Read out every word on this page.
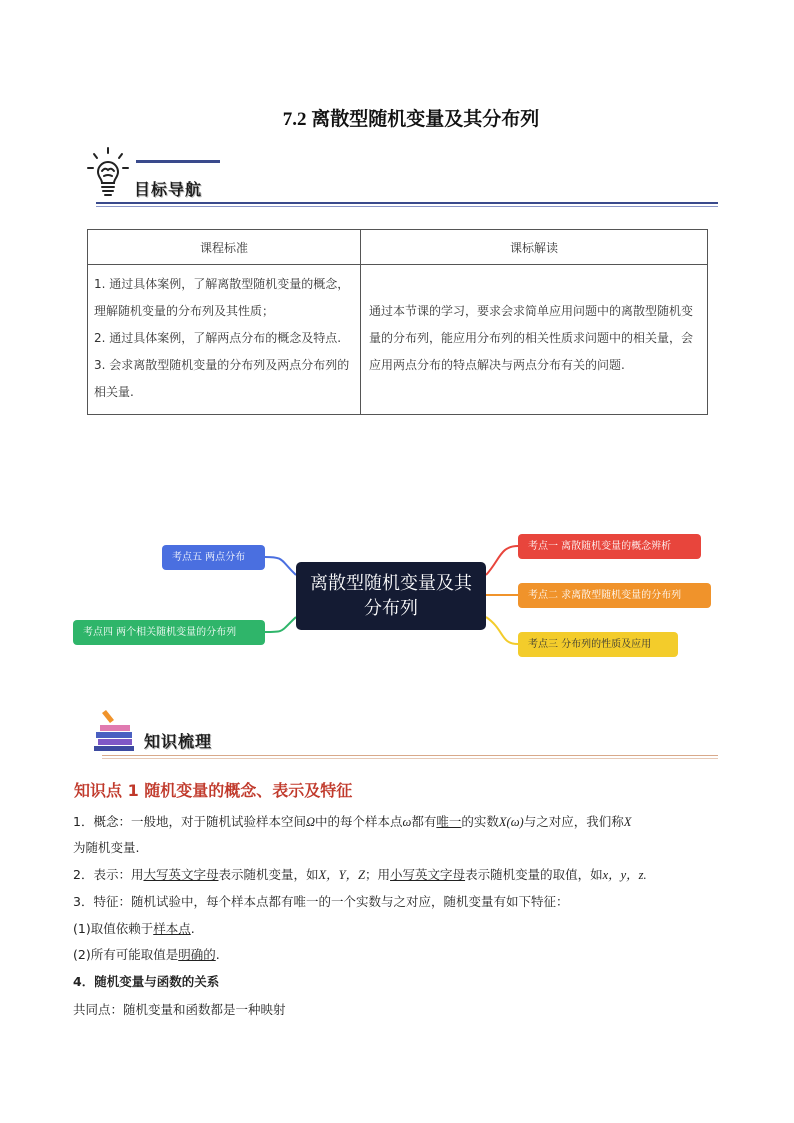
7.2 离散型随机变量及其分布列
目标导航
课程标准	课标解读

1. 通过具体案例，了解离散型随机变量的概念，理解随机变量的分布列及其性质；
2. 通过具体案例，了解两点分布的概念及特点.
3. 会求离散型随机变量的分布列及两点分布列的相关量.	通过本节课的学习，要求会求简单应用问题中的离散型随机变量的分布列，能应用分布列的相关性质求问题中的相关量，会应用两点分布的特点解决与两点分布有关的问题.
离散型随机变量及其分布列
考点一 离散随机变量的概念辨析
考点二 求离散型随机变量的分布列
考点三 分布列的性质及应用
考点五 两点分布
考点四 两个相关随机变量的分布列
知识梳理
知识点 1 随机变量的概念、表示及特征
1．概念：一般地，对于随机试验样本空间Ω中的每个样本点ω都有唯一的实数X(ω)与之对应，我们称X
为随机变量.
2．表示：用大写英文字母表示随机变量，如X，Y，Z；用小写英文字母表示随机变量的取值，如x，y，z.
3．特征：随机试验中，每个样本点都有唯一的一个实数与之对应，随机变量有如下特征：
(1)取值依赖于样本点.
(2)所有可能取值是明确的.
4．随机变量与函数的关系
共同点：随机变量和函数都是一种映射
